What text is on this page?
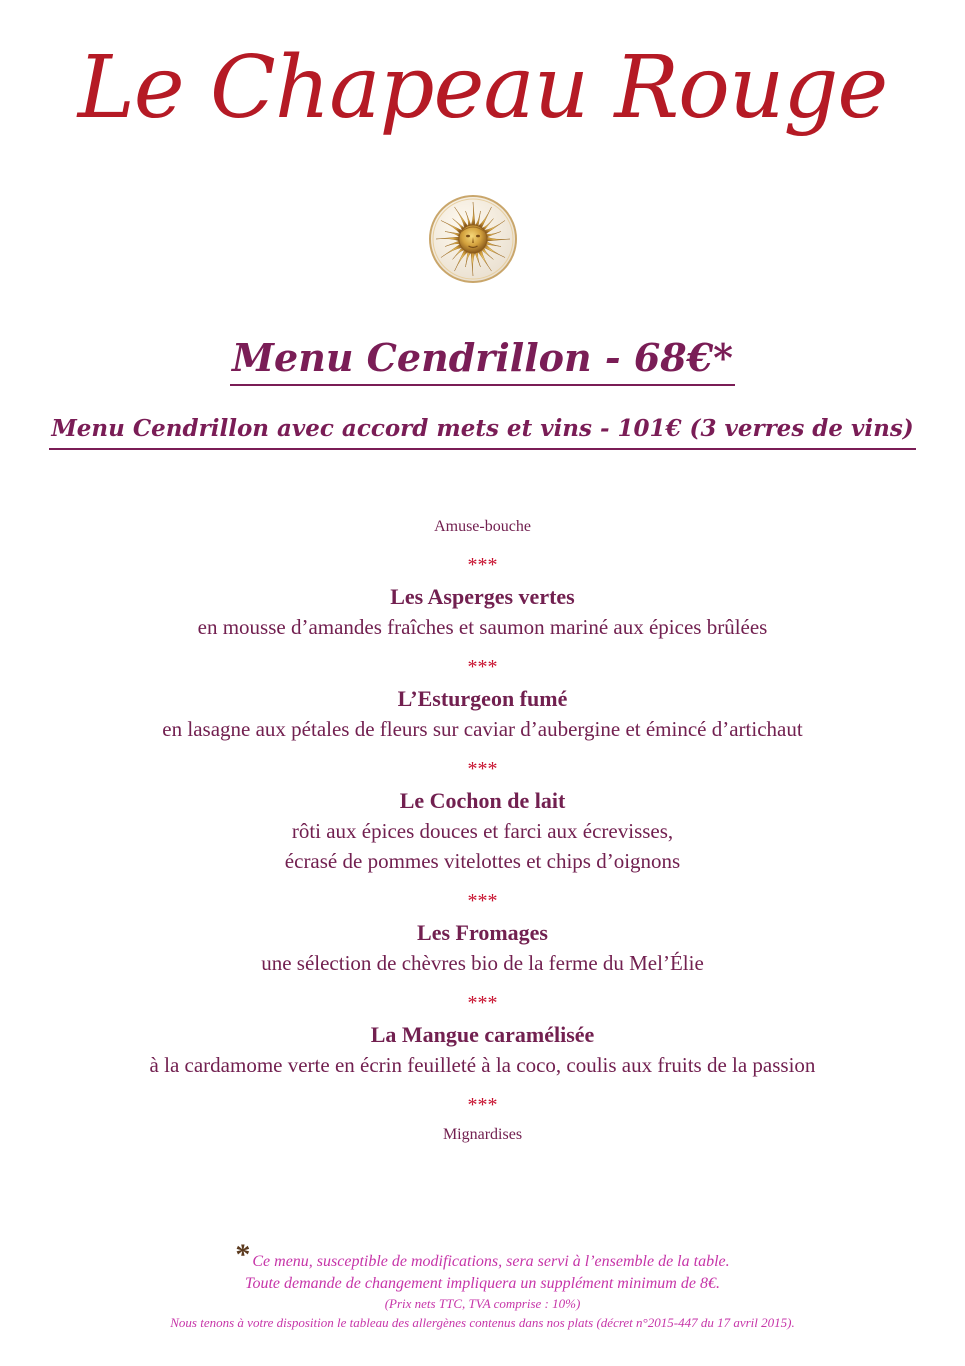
Le Chapeau Rouge
Menu Cendrillon - 68€*
Menu Cendrillon avec accord mets et vins - 101€ (3 verres de vins)
Amuse-bouche
***
Les Asperges vertes
en mousse d’amandes fraîches et saumon mariné aux épices brûlées
***
L’Esturgeon fumé
en lasagne aux pétales de fleurs sur caviar d’aubergine et émincé d’artichaut
***
Le Cochon de lait
rôti aux épices douces et farci aux écrevisses,
écrasé de pommes vitelottes et chips d’oignons
***
Les Fromages
une sélection de chèvres bio de la ferme du Mel’Élie
***
La Mangue caramélisée
à la cardamome verte en écrin feuilleté à la coco, coulis aux fruits de la passion
***
Mignardises
* Ce menu, susceptible de modifications, sera servi à l’ensemble de la table.
Toute demande de changement impliquera un supplément minimum de 8€.
(Prix nets TTC, TVA comprise : 10%)
Nous tenons à votre disposition le tableau des allergènes contenus dans nos plats (décret n°2015-447 du 17 avril 2015).
